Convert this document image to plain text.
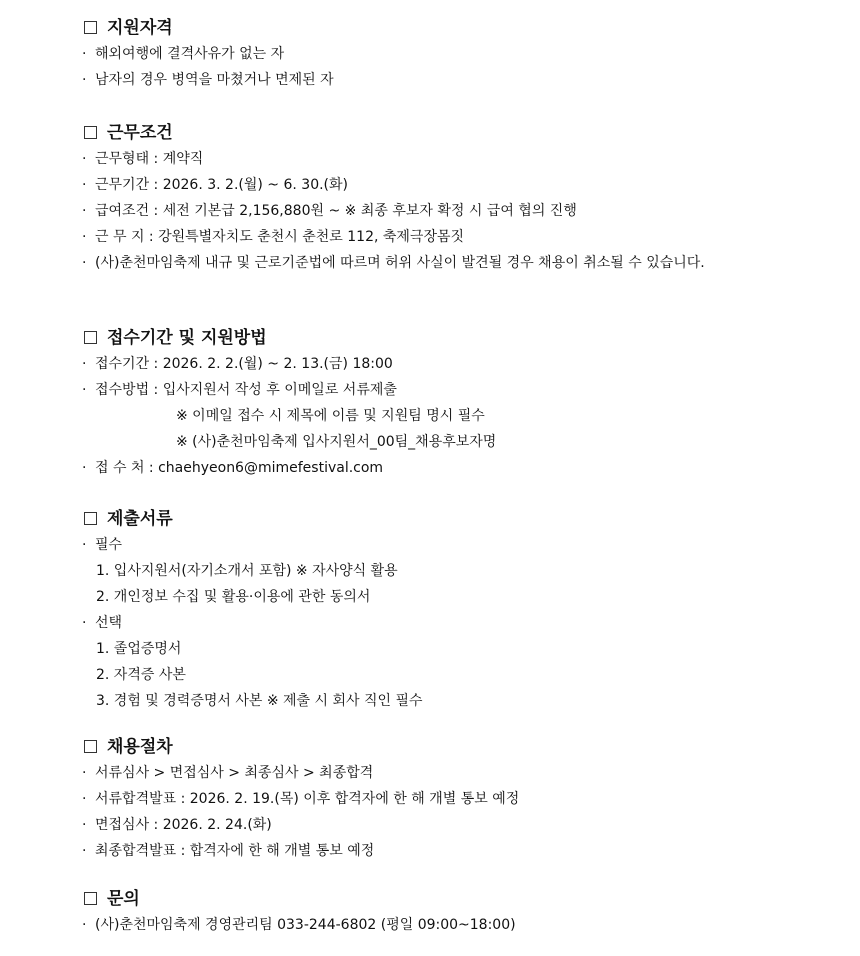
지원자격
· 해외여행에 결격사유가 없는 자
· 남자의 경우 병역을 마쳤거나 면제된 자
근무조건
· 근무형태 : 계약직
· 근무기간 : 2026. 3. 2.(월) ~ 6. 30.(화)
· 급여조건 : 세전 기본급 2,156,880원 ~ ※ 최종 후보자 확정 시 급여 협의 진행
· 근 무 지 : 강원특별자치도 춘천시 춘천로 112, 축제극장몸짓
· (사)춘천마임축제 내규 및 근로기준법에 따르며 허위 사실이 발견될 경우 채용이 취소될 수 있습니다.
접수기간 및 지원방법
· 접수기간 : 2026. 2. 2.(월) ~ 2. 13.(금) 18:00
· 접수방법 : 입사지원서 작성 후 이메일로 서류제출
※ 이메일 접수 시 제목에 이름 및 지원팀 명시 필수
※ (사)춘천마임축제 입사지원서_00팀_채용후보자명
· 접 수 처 : chaehyeon6@mimefestival.com
제출서류
· 필수
1. 입사지원서(자기소개서 포함) ※ 자사양식 활용
2. 개인정보 수집 및 활용·이용에 관한 동의서
· 선택
1. 졸업증명서
2. 자격증 사본
3. 경험 및 경력증명서 사본 ※ 제출 시 회사 직인 필수
채용절차
· 서류심사 > 면접심사 > 최종심사 > 최종합격
· 서류합격발표 : 2026. 2. 19.(목) 이후 합격자에 한 해 개별 통보 예정
· 면접심사 : 2026. 2. 24.(화)
· 최종합격발표 : 합격자에 한 해 개별 통보 예정
문의
· (사)춘천마임축제 경영관리팀 033-244-6802 (평일 09:00~18:00)
